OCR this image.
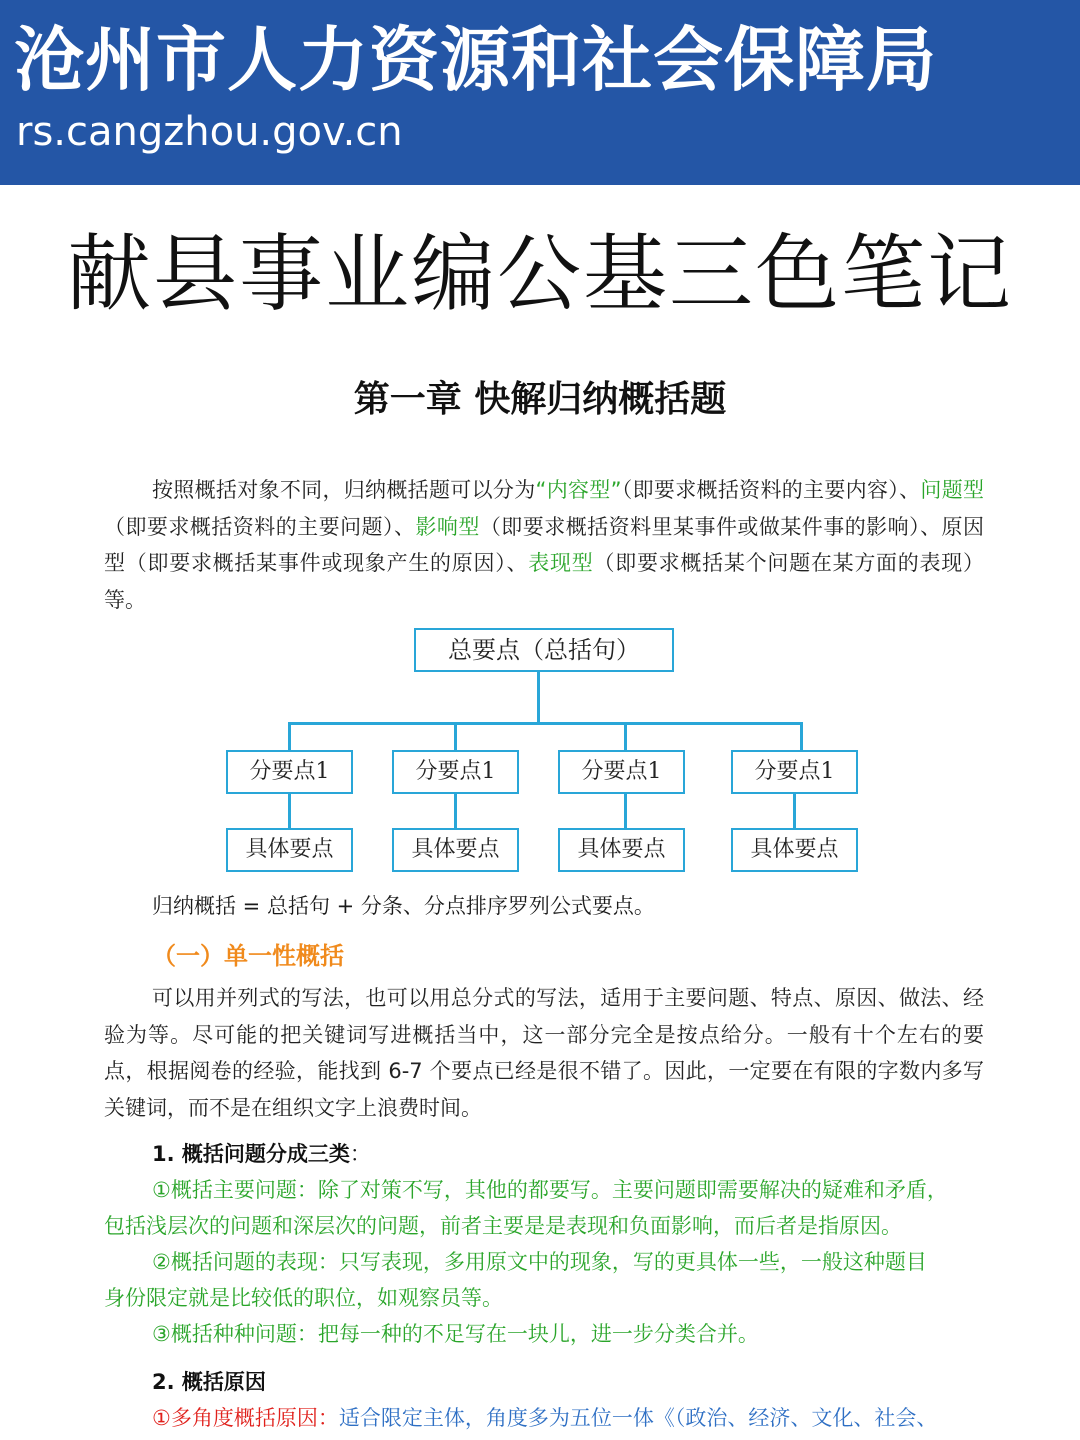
沧州市人力资源和社会保障局
rs.cangzhou.gov.cn
献县事业编公基三色笔记
第一章 快解归纳概括题
按照概括对象不同，归纳概括题可以分为“内容型”（即要求概括资料的主要内容）、问题型（即要求概括资料的主要问题）、影响型（即要求概括资料里某事件或做某件事的影响）、原因型（即要求概括某事件或现象产生的原因）、表现型（即要求概括某个问题在某方面的表现）等。
总要点（总括句）
分要点1	分要点1	分要点1	分要点1
具体要点	具体要点	具体要点	具体要点
归纳概括 = 总括句 + 分条、分点排序罗列公式要点。
（一）单一性概括
可以用并列式的写法，也可以用总分式的写法，适用于主要问题、特点、原因、做法、经验为等。尽可能的把关键词写进概括当中，这一部分完全是按点给分。一般有十个左右的要点，根据阅卷的经验，能找到 6-7 个要点已经是很不错了。因此，一定要在有限的字数内多写关键词，而不是在组织文字上浪费时间。
1. 概括问题分成三类：
①概括主要问题：除了对策不写，其他的都要写。主要问题即需要解决的疑难和矛盾，
包括浅层次的问题和深层次的问题，前者主要是是表现和负面影响，而后者是指原因。
②概括问题的表现：只写表现，多用原文中的现象，写的更具体一些，一般这种题目
身份限定就是比较低的职位，如观察员等。
③概括种种问题：把每一种的不足写在一块儿，进一步分类合并。
2. 概括原因
①多角度概括原因：适合限定主体，角度多为五位一体《（政治、经济、文化、社会、
